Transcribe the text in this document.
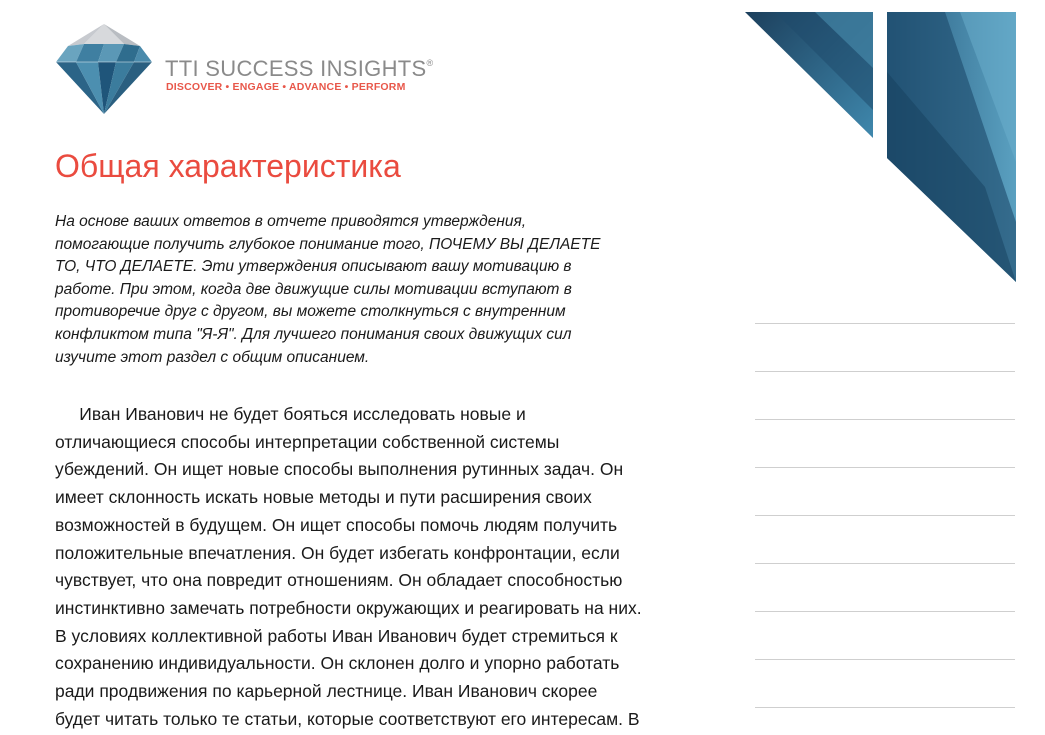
TTI SUCCESS INSIGHTS®
DISCOVER • ENGAGE • ADVANCE • PERFORM
Общая характеристика
На основе ваших ответов в отчете приводятся утверждения,
помогающие получить глубокое понимание того, ПОЧЕМУ ВЫ ДЕЛАЕТЕ
ТО, ЧТО ДЕЛАЕТЕ. Эти утверждения описывают вашу мотивацию в
работе. При этом, когда две движущие силы мотивации вступают в
противоречие друг с другом, вы можете столкнуться с внутренним
конфликтом типа "Я-Я". Для лучшего понимания своих движущих сил
изучите этот раздел с общим описанием.
Иван Иванович не будет бояться исследовать новые и
отличающиеся способы интерпретации собственной системы
убеждений. Он ищет новые способы выполнения рутинных задач. Он
имеет склонность искать новые методы и пути расширения своих
возможностей в будущем. Он ищет способы помочь людям получить
положительные впечатления. Он будет избегать конфронтации, если
чувствует, что она повредит отношениям. Он обладает способностью
инстинктивно замечать потребности окружающих и реагировать на них.
В условиях коллективной работы Иван Иванович будет стремиться к
сохранению индивидуальности. Он склонен долго и упорно работать
ради продвижения по карьерной лестнице. Иван Иванович скорее
будет читать только те статьи, которые соответствуют его интересам. В
